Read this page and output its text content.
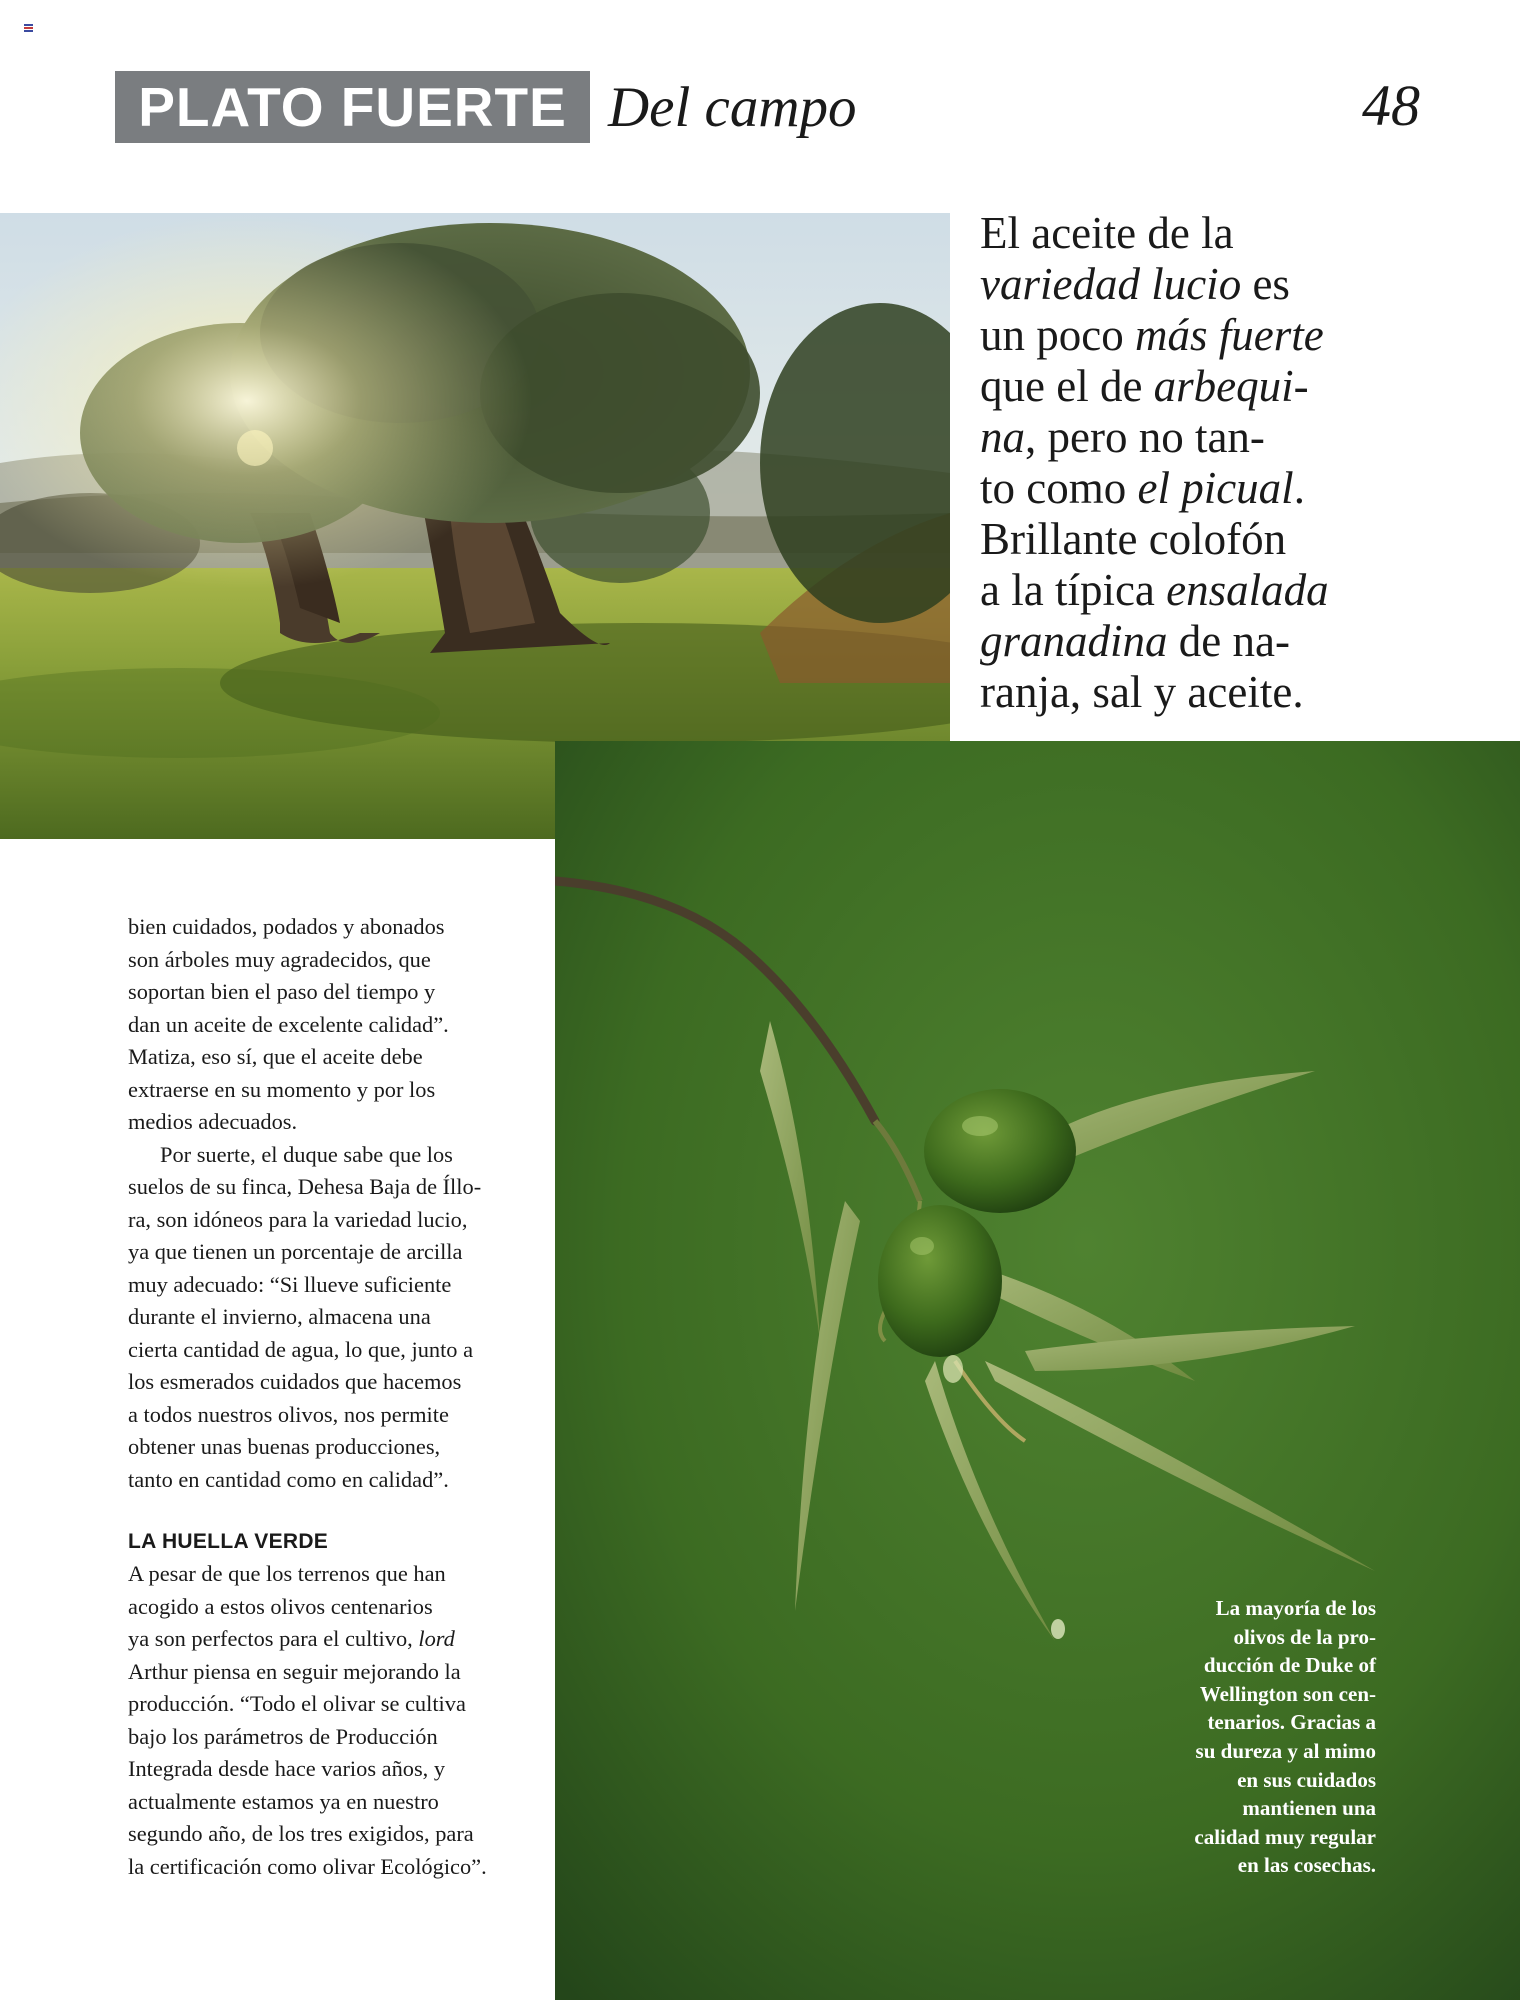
PLATO FUERTE Del campo	48

El aceite de la
variedad lucio es
un poco más fuerte
que el de arbequi-
na, pero no tan-
to como el picual.
Brillante colofón
a la típica ensalada
granadina de na-
ranja, sal y aceite.

bien cuidados, podados y abonados
son árboles muy agradecidos, que
soportan bien el paso del tiempo y
dan un aceite de excelente calidad”.
Matiza, eso sí, que el aceite debe
extraerse en su momento y por los
medios adecuados.

Por suerte, el duque sabe que los
suelos de su finca, Dehesa Baja de Íllo-
ra, son idóneos para la variedad lucio,
ya que tienen un porcentaje de arcilla
muy adecuado: “Si llueve suficiente
durante el invierno, almacena una
cierta cantidad de agua, lo que, junto a
los esmerados cuidados que hacemos
a todos nuestros olivos, nos permite
obtener unas buenas producciones,
tanto en cantidad como en calidad”.

LA HUELLA VERDE

A pesar de que los terrenos que han
acogido a estos olivos centenarios
ya son perfectos para el cultivo, lord
Arthur piensa en seguir mejorando la
producción. “Todo el olivar se cultiva
bajo los parámetros de Producción
Integrada desde hace varios años, y
actualmente estamos ya en nuestro
segundo año, de los tres exigidos, para
la certificación como olivar Ecológico”.

La mayoría de los
olivos de la pro-
ducción de Duke of
Wellington son cen-
tenarios. Gracias a
su dureza y al mimo
en sus cuidados
mantienen una
calidad muy regular
en las cosechas.
